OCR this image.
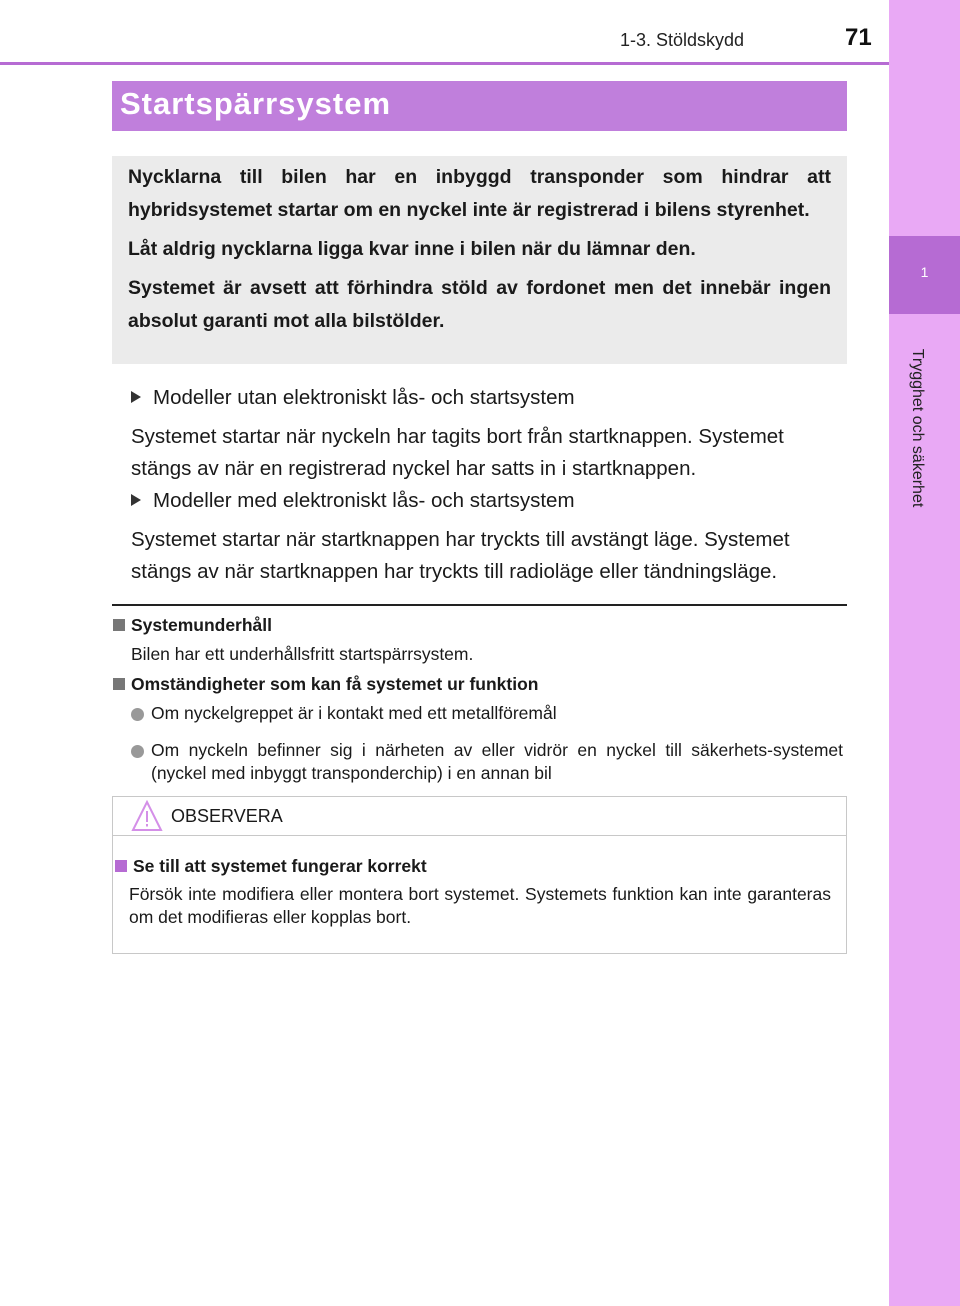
1
Trygghet och säkerhet
1-3. Stöldskydd	71
Startspärrsystem

Nycklarna till bilen har en inbyggd transponder som hindrar att hybridsystemet startar om en nyckel inte är registrerad i bilens styrenhet.

Låt aldrig nycklarna ligga kvar inne i bilen när du lämnar den.

Systemet är avsett att förhindra stöld av fordonet men det innebär ingen absolut garanti mot alla bilstölder.

Modeller utan elektroniskt lås- och startsystem

Systemet startar när nyckeln har tagits bort från startknappen. Systemet stängs av när en registrerad nyckel har satts in i startknappen.

Modeller med elektroniskt lås- och startsystem

Systemet startar när startknappen har tryckts till avstängt läge. Systemet stängs av när startknappen har tryckts till radioläge eller tändningsläge.

Systemunderhåll

Bilen har ett underhållsfritt startspärrsystem.

Omständigheter som kan få systemet ur funktion
Om nyckelgreppet är i kontakt med ett metallföremål
Om nyckeln befinner sig i närheten av eller vidrör en nyckel till säkerhets-systemet (nyckel med inbyggt transponderchip) i en annan bil
OBSERVERA
Se till att systemet fungerar korrekt

Försök inte modifiera eller montera bort systemet. Systemets funktion kan inte garanteras om det modifieras eller kopplas bort.
